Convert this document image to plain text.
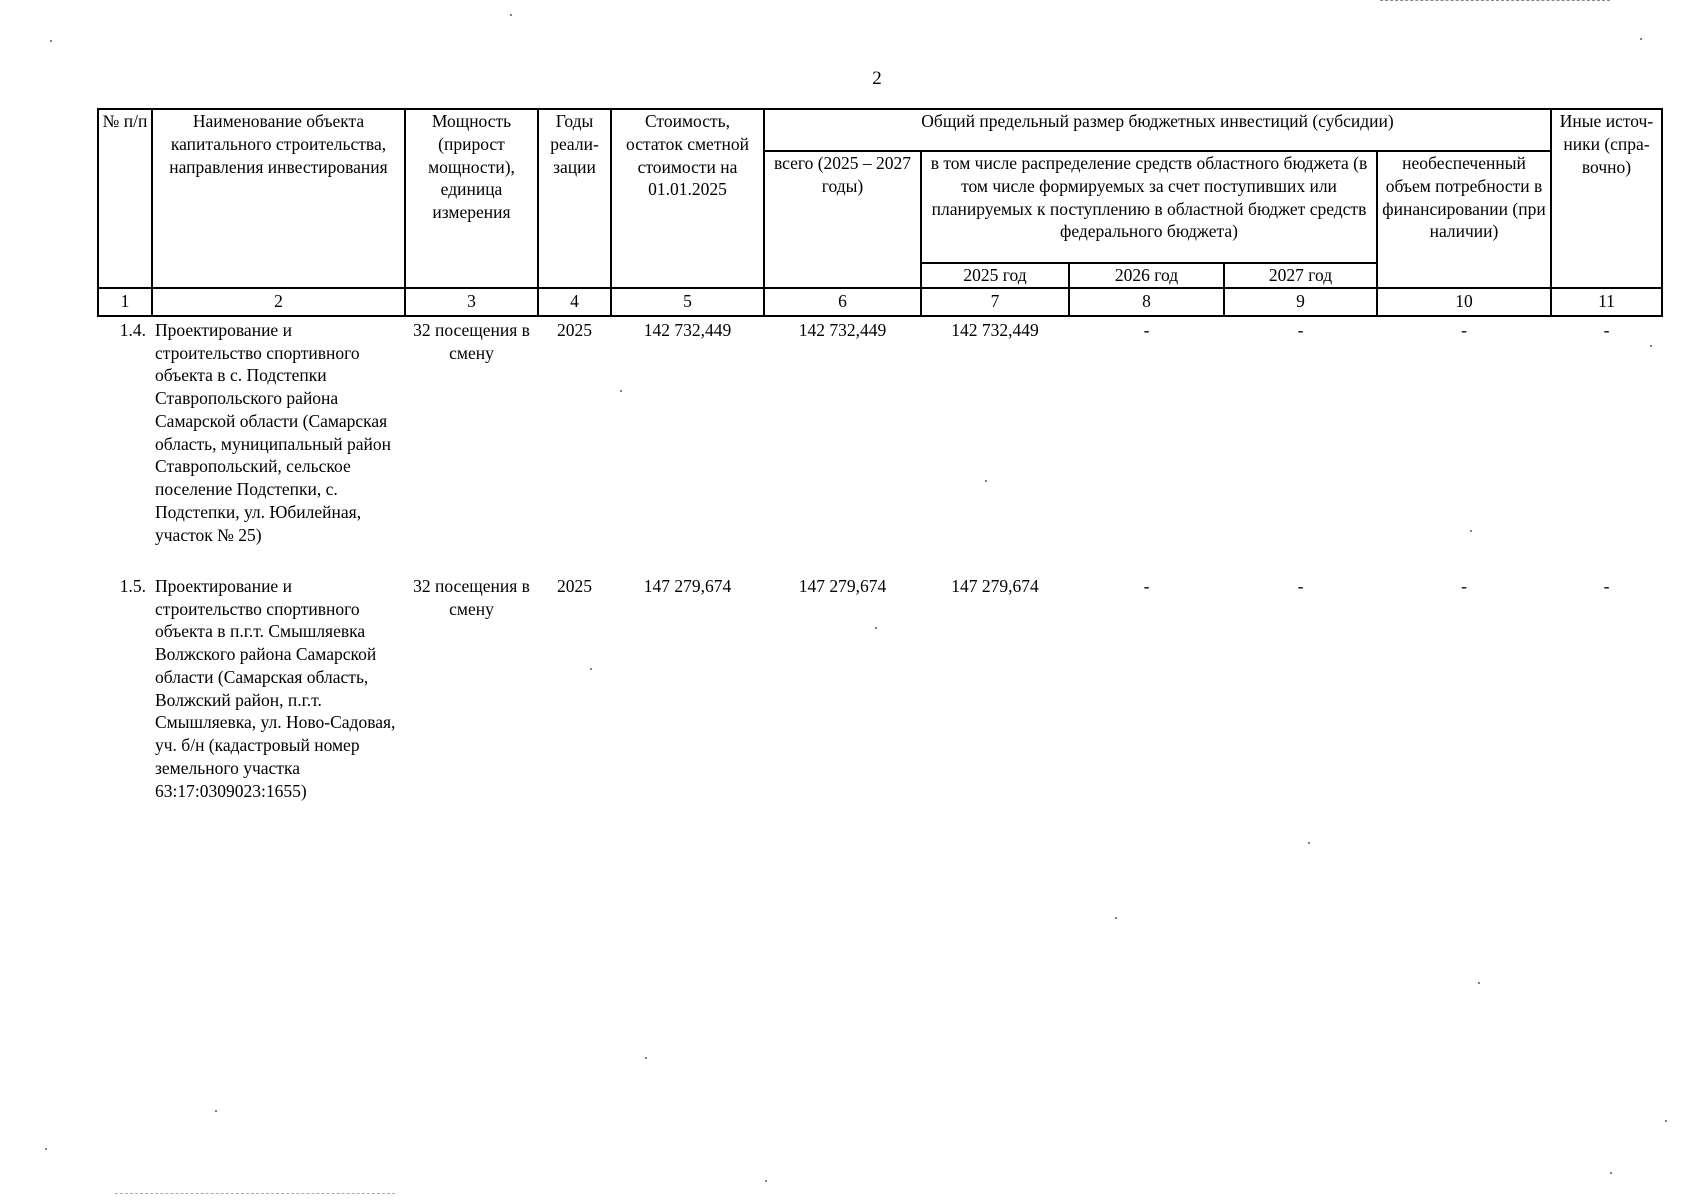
2
№ п/п	Наименование объекта капитального строительства, направления инвестирования	Мощность (прирост мощности), единица измерения	Годы реали-зации	Стоимость, остаток сметной стоимости на 01.01.2025	Общий предельный размер бюджетных инвестиций (субсидии)					Иные источ-ники (спра-вочно)
					всего (2025 – 2027 годы)	в том числе распределение средств областного бюджета (в том числе формируемых за счет поступивших или планируемых к поступлению в областной бюджет средств федерального бюджета)			необеспеченный объем потребности в финансировании (при наличии)	
						2025 год	2026 год	2027 год		
1	2	3	4	5	6	7	8	9	10	11
1.4.	Проектирование и строительство спортивного объекта в с. Подстепки Ставропольского района Самарской области (Самарская область, муниципальный район Ставропольский, сельское поселение Подстепки, с. Подстепки, ул. Юбилейная, участок № 25)	32 посещения в смену	2025	142 732,449	142 732,449	142 732,449	-	-	-	-
1.5.	Проектирование и строительство спортивного объекта в п.г.т. Смышляевка Волжского района Самарской области (Самарская область, Волжский район, п.г.т. Смышляевка, ул. Ново-Садовая, уч. б/н (кадастровый номер земельного участка 63:17:0309023:1655)	32 посещения в смену	2025	147 279,674	147 279,674	147 279,674	-	-	-	-
